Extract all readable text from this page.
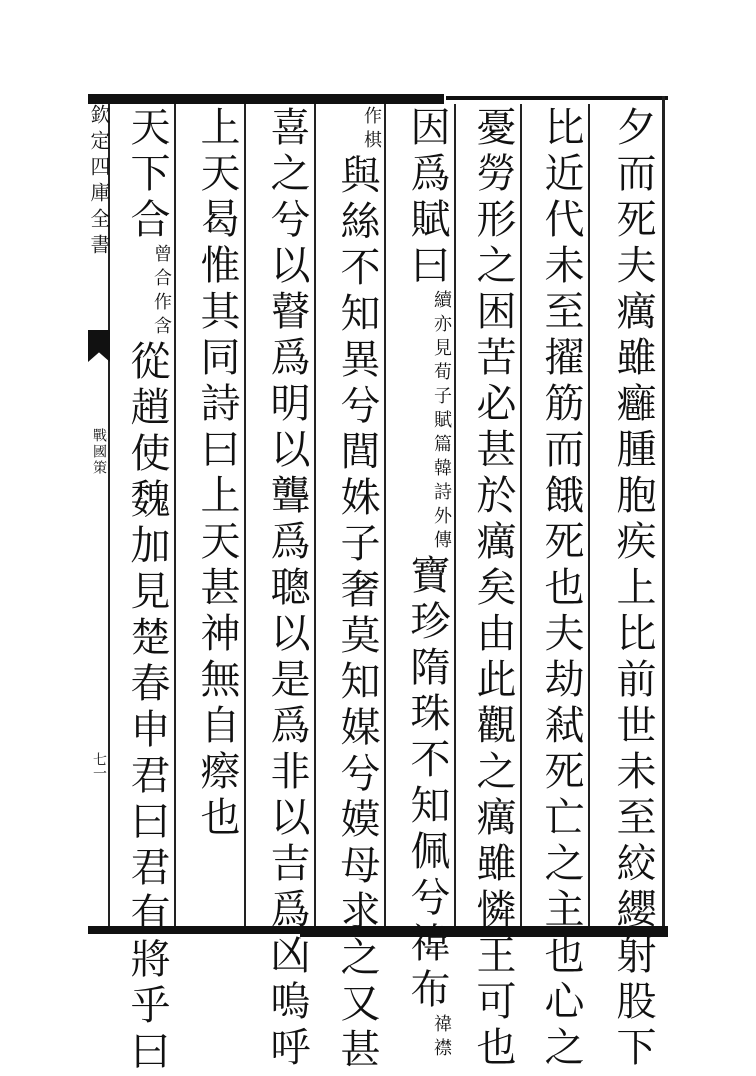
欽定四庫全書
戰國策
七一	夕而死夫癘雖癰腫胞疾上比前世未至絞纓射股下
比近代未至擢筋而餓死也夫劫弒死亡之主也心之
憂勞形之困苦必甚於癘矣由此觀之癘雖憐王可也
因爲賦曰續亦見荀子賦篇韓詩外傳寶珍隋珠不知佩兮禕布禕襟
作棋與絲不知異兮閭姝子奢莫知媒兮嫫母求之又甚
喜之兮以瞽爲明以聾爲聰以是爲非以吉爲凶嗚呼
上天曷惟其同詩曰上天甚神無自瘵也
天下合曾合作含從趙使魏加見楚春申君曰君有將乎曰
